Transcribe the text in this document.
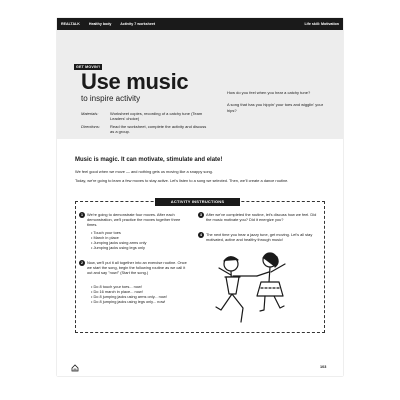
REALTALK	Healthy body Activity 7 worksheet	Life skill: Motivation
GET MOVIN'!
Use music
to inspire activity
Materials:	Worksheet copies, recording of a catchy tune (Team Leaders' choice)
Directions:	Read the worksheet, complete the activity and discuss as a group.
How do you feel when you hear a catchy tune?
A song that has you hippin' your toes and wigglin' your hips?
Music is magic. It can motivate, stimulate and elate!
We feel good when we move — and nothing gets us moving like a snappy song.
Today, we're going to learn a few moves to stay active. Let's listen to a song we selected. Then, we'll create a dance routine.
ACTIVITY INSTRUCTIONS
1	We're going to demonstrate four moves. After each demonstration, we'll practice the moves together three times.
• Touch your toes
• March in place
• Jumping jacks using arms only
• Jumping jacks using legs only
2	Now, we'll put it all together into an exercise routine. Once we start the song, begin the following routine as we call it out and say "now!" (Start the song.)
• Do 8 touch your toes... now!
• Do 16 march in place... now!
• Do 8 jumping jacks using arms only... now!
• Do 8 jumping jacks using legs only... now!
3	After we've completed the routine, let's discuss how we feel. Did the music motivate you? Did it energize you?
4	The next time you hear a jazzy tune, get moving. Let's all stay motivated, active and healthy through music!
103
